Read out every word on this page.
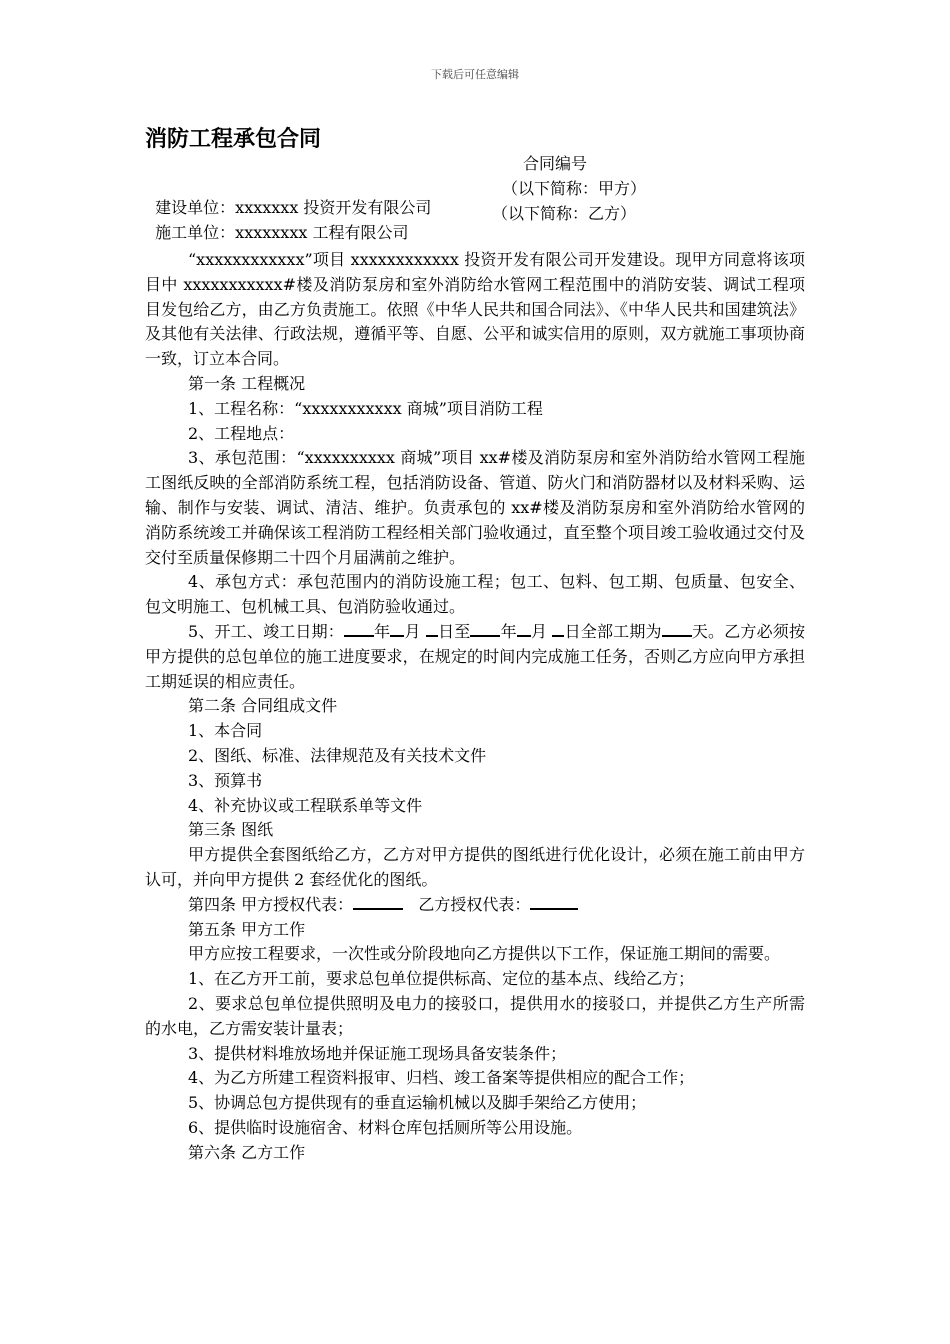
下载后可任意编辑
消防工程承包合同
合同编号

建设单位：xxxxxxx 投资开发有限公司

（以下简称：甲方）

施工单位：xxxxxxxx 工程有限公司

（以下简称：乙方）

“xxxxxxxxxxxx”项目 xxxxxxxxxxxx 投资开发有限公司开发建设。现甲方同意将该项目中 xxxxxxxxxxx#楼及消防泵房和室外消防给水管网工程范围中的消防安装、调试工程项目发包给乙方，由乙方负责施工。依照《中华人民共和国合同法》、《中华人民共和国建筑法》及其他有关法律、行政法规，遵循平等、自愿、公平和诚实信用的原则，双方就施工事项协商一致，订立本合同。

第一条 工程概况

1、工程名称：“xxxxxxxxxxx 商城”项目消防工程

2、工程地点：

3、承包范围：“xxxxxxxxxx 商城”项目 xx#楼及消防泵房和室外消防给水管网工程施工图纸反映的全部消防系统工程，包括消防设备、管道、防火门和消防器材以及材料采购、运输、制作与安装、调试、清洁、维护。负责承包的 xx#楼及消防泵房和室外消防给水管网的消防系统竣工并确保该工程消防工程经相关部门验收通过，直至整个项目竣工验收通过交付及交付至质量保修期二十四个月届满前之维护。

4、承包方式：承包范围内的消防设施工程；包工、包料、包工期、包质量、包安全、包文明施工、包机械工具、包消防验收通过。

5、开工、竣工日期： 年 月 日至 年 月 日全部工期为 天。乙方必须按甲方提供的总包单位的施工进度要求，在规定的时间内完成施工任务，否则乙方应向甲方承担工期延误的相应责任。

第二条 合同组成文件

1、本合同

2、图纸、标准、法律规范及有关技术文件

3、预算书

4、补充协议或工程联系单等文件

第三条 图纸

甲方提供全套图纸给乙方，乙方对甲方提供的图纸进行优化设计，必须在施工前由甲方认可，并向甲方提供 2 套经优化的图纸。

第四条 甲方授权代表：	乙方授权代表：

第五条 甲方工作

甲方应按工程要求，一次性或分阶段地向乙方提供以下工作，保证施工期间的需要。

1、在乙方开工前，要求总包单位提供标高、定位的基本点、线给乙方；

2、要求总包单位提供照明及电力的接驳口，提供用水的接驳口，并提供乙方生产所需的水电，乙方需安装计量表；

3、提供材料堆放场地并保证施工现场具备安装条件；

4、为乙方所建工程资料报审、归档、竣工备案等提供相应的配合工作；

5、协调总包方提供现有的垂直运输机械以及脚手架给乙方使用；

6、提供临时设施宿舍、材料仓库包括厕所等公用设施。

第六条 乙方工作
